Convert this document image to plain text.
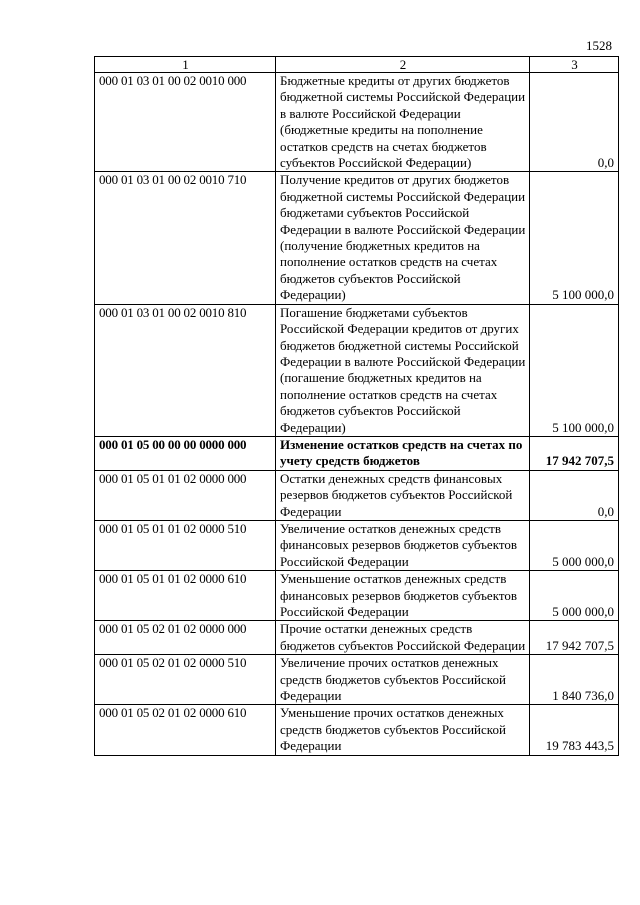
1528
1	2	3
000 01 03 01 00 02 0010 000	Бюджетные кредиты от других бюджетов бюджетной системы Российской Федерации в валюте Российской Федерации (бюджетные кредиты на пополнение остатков средств на счетах бюджетов субъектов Российской Федерации)	0,0
000 01 03 01 00 02 0010 710	Получение кредитов от других бюджетов бюджетной системы Российской Федерации бюджетами субъектов Российской Федерации в валюте Российской Федерации (получение бюджетных кредитов на пополнение остатков средств на счетах бюджетов субъектов Российской Федерации)	5 100 000,0
000 01 03 01 00 02 0010 810	Погашение бюджетами субъектов Российской Федерации кредитов от других бюджетов бюджетной системы Российской Федерации в валюте Российской Федерации (погашение бюджетных кредитов на пополнение остатков средств на счетах бюджетов субъектов Российской Федерации)	5 100 000,0
000 01 05 00 00 00 0000 000	Изменение остатков средств на счетах по учету средств бюджетов	17 942 707,5
000 01 05 01 01 02 0000 000	Остатки денежных средств финансовых резервов бюджетов субъектов Российской Федерации	0,0
000 01 05 01 01 02 0000 510	Увеличение остатков денежных средств финансовых резервов бюджетов субъектов Российской Федерации	5 000 000,0
000 01 05 01 01 02 0000 610	Уменьшение остатков денежных средств финансовых резервов бюджетов субъектов Российской Федерации	5 000 000,0
000 01 05 02 01 02 0000 000	Прочие остатки денежных средств бюджетов субъектов Российской Федерации	17 942 707,5
000 01 05 02 01 02 0000 510	Увеличение прочих остатков денежных средств бюджетов субъектов Российской Федерации	1 840 736,0
000 01 05 02 01 02 0000 610	Уменьшение прочих остатков денежных средств бюджетов субъектов Российской Федерации	19 783 443,5
